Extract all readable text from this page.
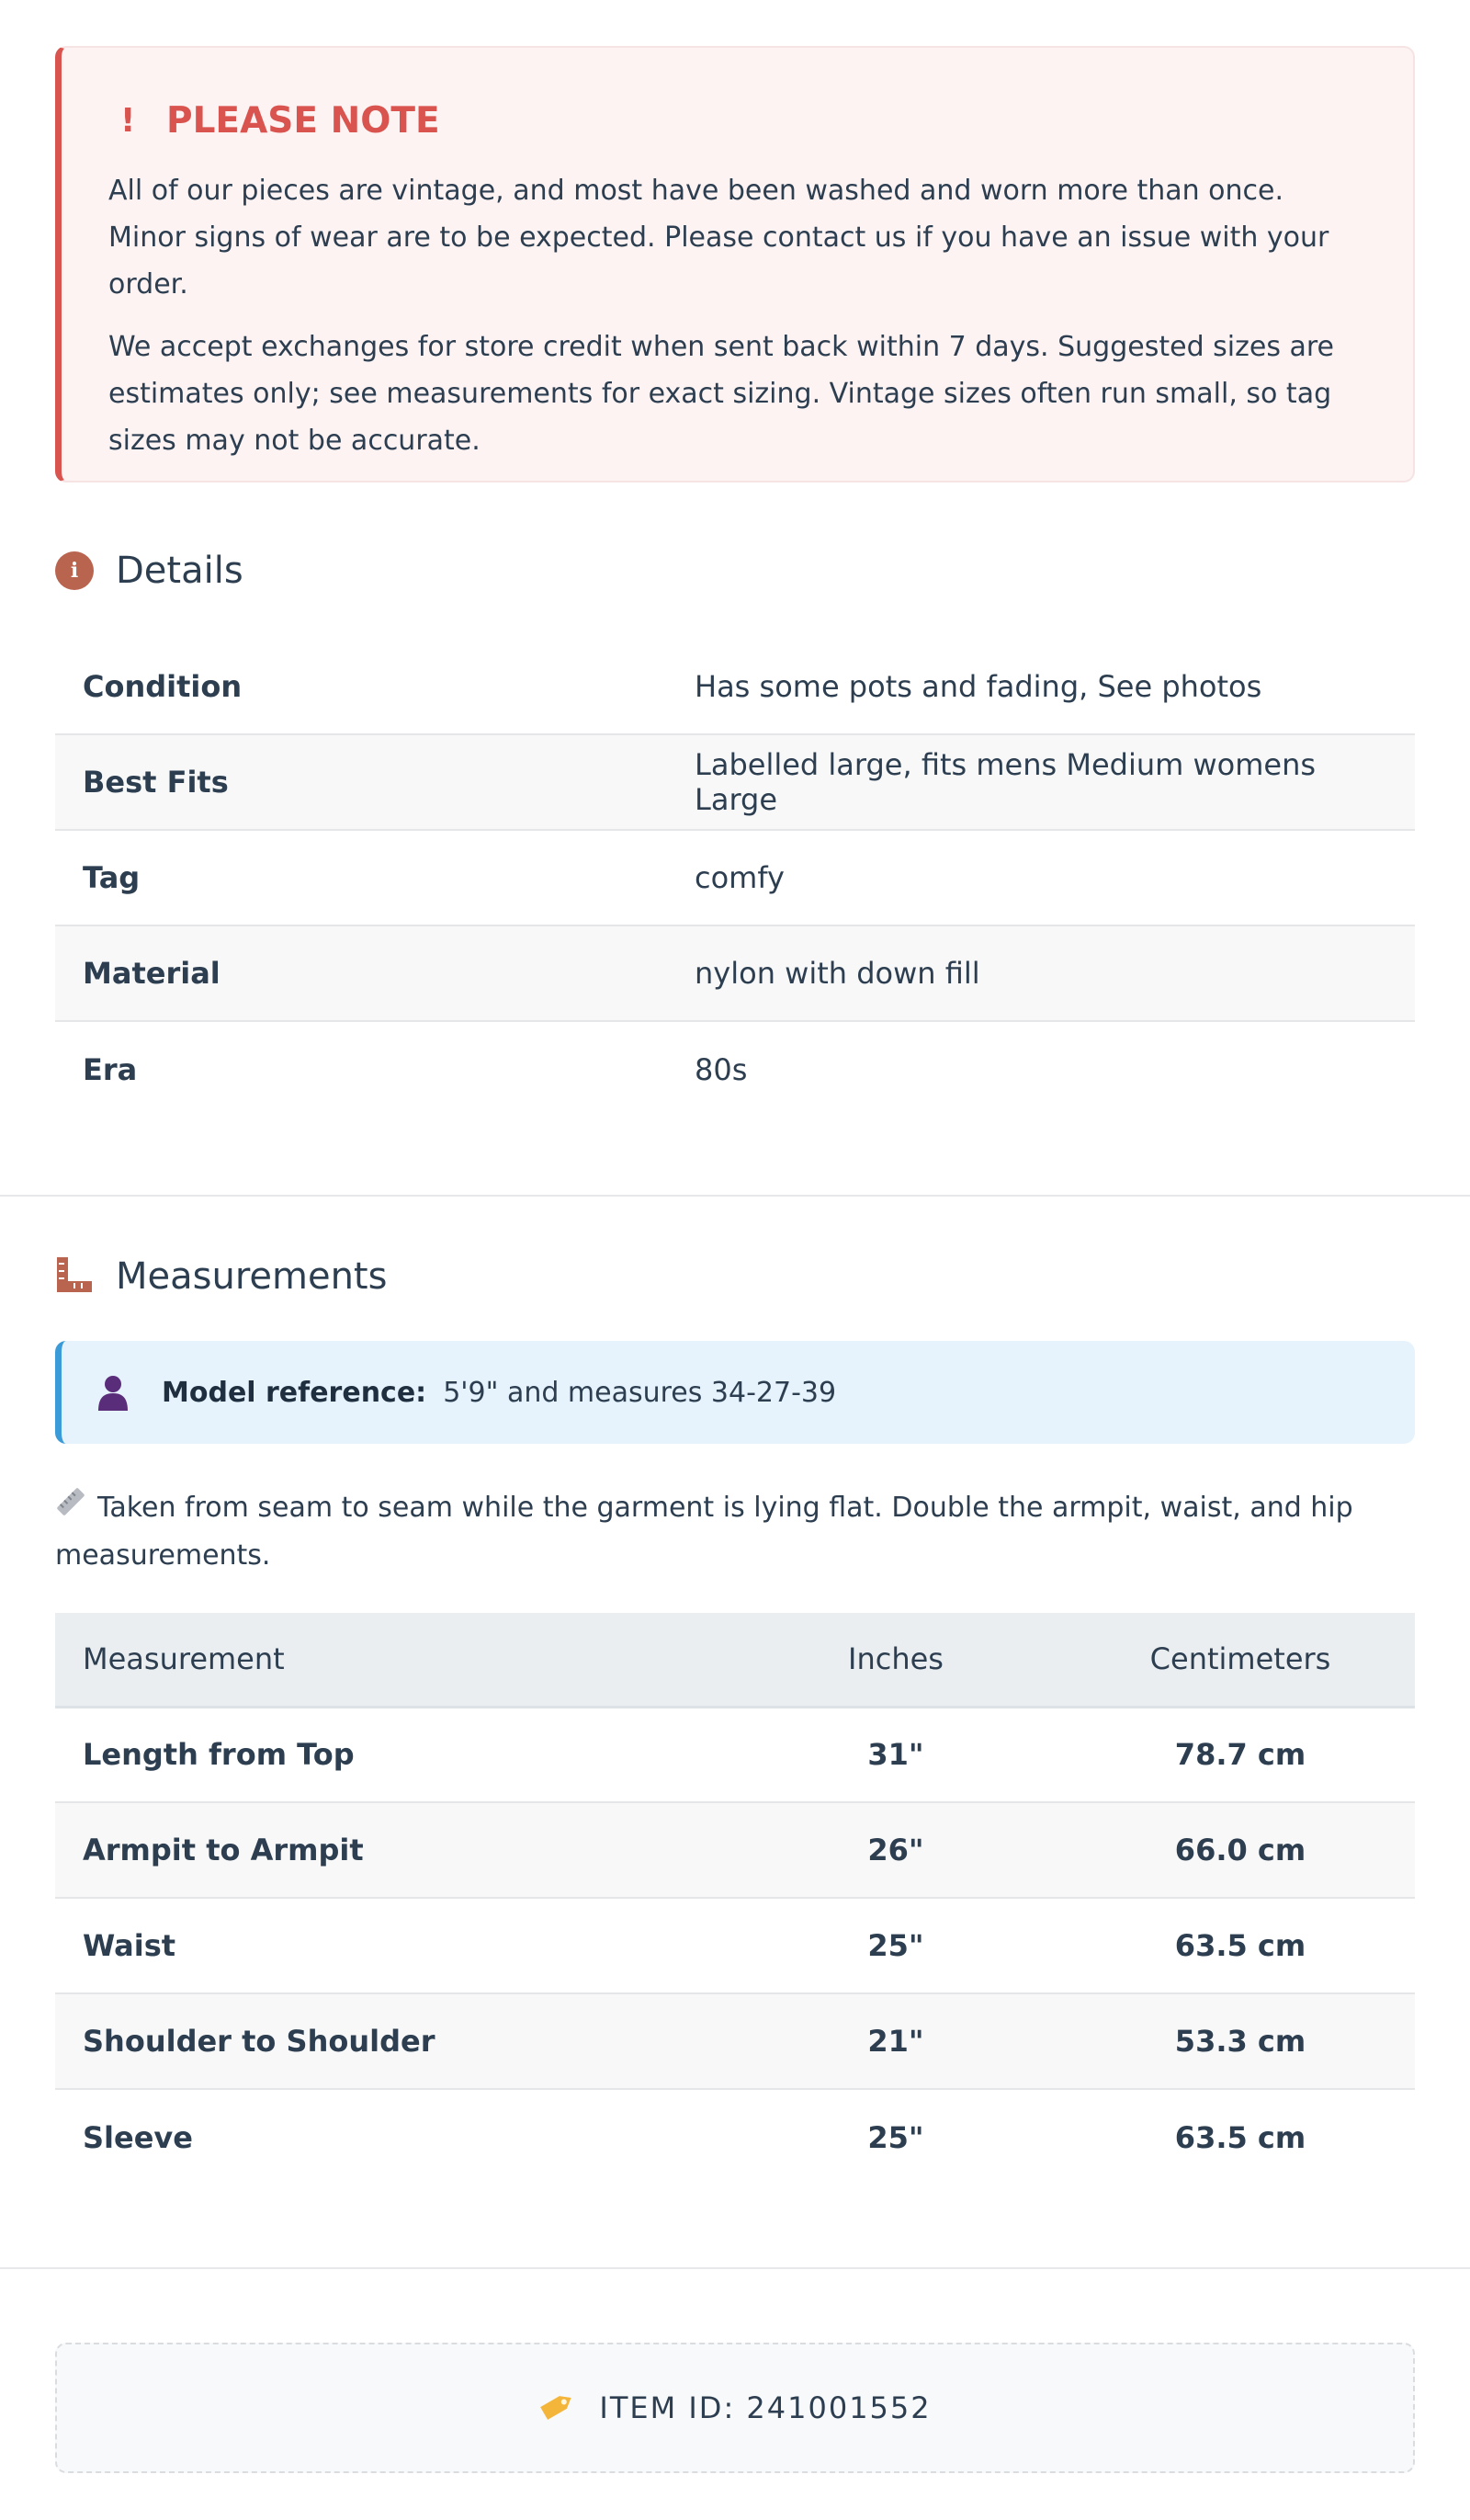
! PLEASE NOTE

All of our pieces are vintage, and most have been washed and worn more than once. Minor signs of wear are to be expected. Please contact us if you have an issue with your order.

We accept exchanges for store credit when sent back within 7 days. Suggested sizes are estimates only; see measurements for exact sizing. Vintage sizes often run small, so tag sizes may not be accurate.

i	Details
Condition	Has some pots and fading, See photos
Best Fits	Labelled large, fits mens Medium womens Large
Tag	comfy
Material	nylon with down fill
Era	80s
Measurements
Model reference: 5'9" and measures 34-27-39
Taken from seam to seam while the garment is lying flat. Double the armpit, waist, and hip measurements.
Measurement	Inches	Centimeters
Length from Top	31"	78.7 cm
Armpit to Armpit	26"	66.0 cm
Waist	25"	63.5 cm
Shoulder to Shoulder	21"	53.3 cm
Sleeve	25"	63.5 cm
ITEM ID: 241001552
